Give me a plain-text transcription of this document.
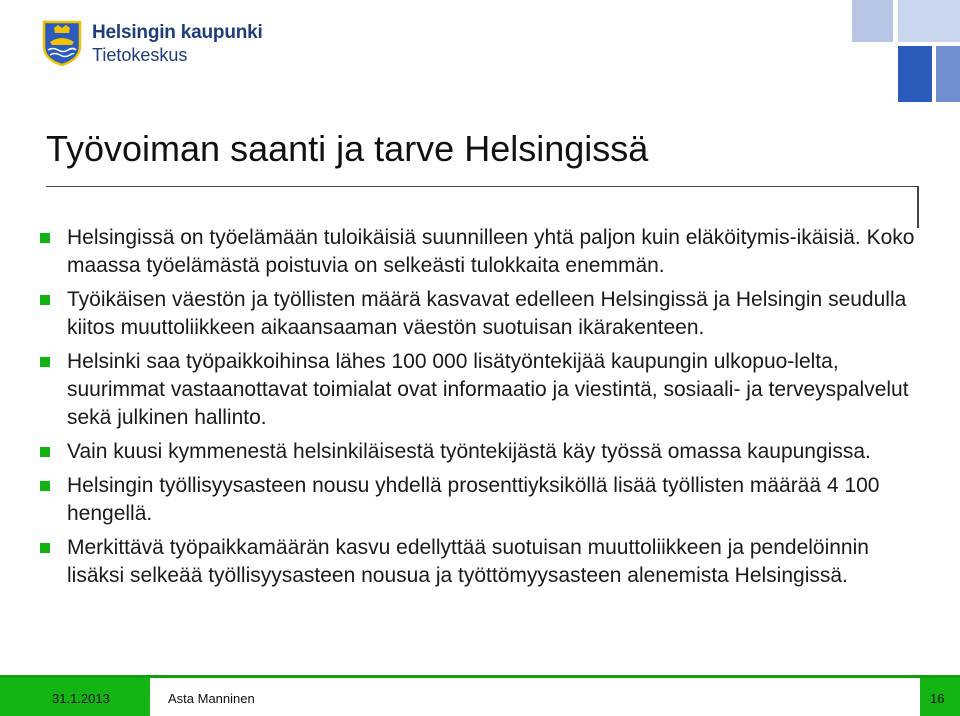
Helsingin kaupunki
Tietokeskus
Työvoiman saanti ja tarve Helsingissä
Helsingissä on työelämään tuloikäisiä suunnilleen yhtä paljon kuin eläköitymis-ikäisiä. Koko maassa työelämästä poistuvia on selkeästi tulokkaita enemmän.
Työikäisen väestön ja työllisten määrä kasvavat edelleen Helsingissä ja Helsingin seudulla kiitos muuttoliikkeen aikaansaaman väestön suotuisan ikärakenteen.
Helsinki saa työpaikkoihinsa lähes 100 000 lisätyöntekijää kaupungin ulkopuo-lelta, suurimmat vastaanottavat toimialat ovat informaatio ja viestintä, sosiaali- ja terveyspalvelut sekä julkinen hallinto.
Vain kuusi kymmenestä helsinkiläisestä työntekijästä käy työssä omassa kaupungissa.
Helsingin työllisyysasteen nousu yhdellä prosenttiyksiköllä lisää työllisten määrää 4 100 hengellä.
Merkittävä työpaikkamäärän kasvu edellyttää suotuisan muuttoliikkeen ja pendelöinnin lisäksi selkeää työllisyysasteen nousua ja työttömyysasteen alenemista Helsingissä.
31.1.2013	Asta Manninen	16
